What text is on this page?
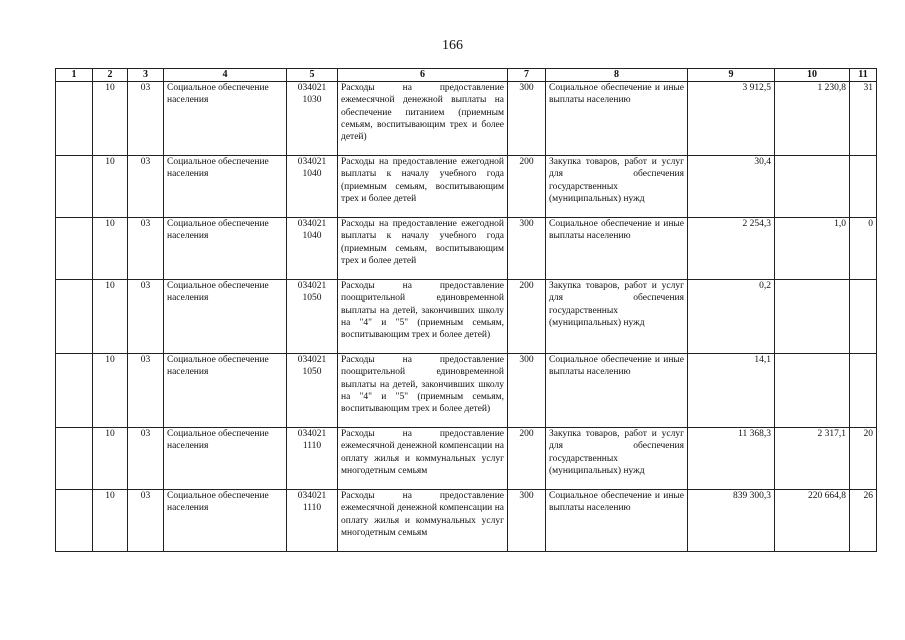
166
1	2	3	4	5	6	7	8	9	10	11
	10	03	Социальное обеспечение населения	034021 1030	Расходы на предоставление ежемесячной денежной выплаты на обеспечение питанием (приемным семьям, воспитывающим трех и более детей)	300	Социальное обеспечение и иные выплаты населению	3 912,5	1 230,8	31
	10	03	Социальное обеспечение населения	034021 1040	Расходы на предоставление ежегодной выплаты к началу учебного года (приемным семьям, воспитывающим трех и более детей	200	Закупка товаров, работ и услуг для обеспечения государственных (муниципальных) нужд	30,4		
	10	03	Социальное обеспечение населения	034021 1040	Расходы на предоставление ежегодной выплаты к началу учебного года (приемным семьям, воспитывающим трех и более детей	300	Социальное обеспечение и иные выплаты населению	2 254,3	1,0	0
	10	03	Социальное обеспечение населения	034021 1050	Расходы на предоставление поощрительной единовременной выплаты на детей, закончивших школу на "4" и "5" (приемным семьям, воспитывающим трех и более детей)	200	Закупка товаров, работ и услуг для обеспечения государственных (муниципальных) нужд	0,2		
	10	03	Социальное обеспечение населения	034021 1050	Расходы на предоставление поощрительной единовременной выплаты на детей, закончивших школу на "4" и "5" (приемным семьям, воспитывающим трех и более детей)	300	Социальное обеспечение и иные выплаты населению	14,1		
	10	03	Социальное обеспечение населения	034021 1110	Расходы на предоставление ежемесячной денежной компенсации на оплату жилья и коммунальных услуг многодетным семьям	200	Закупка товаров, работ и услуг для обеспечения государственных (муниципальных) нужд	11 368,3	2 317,1	20
	10	03	Социальное обеспечение населения	034021 1110	Расходы на предоставление ежемесячной денежной компенсации на оплату жилья и коммунальных услуг многодетным семьям	300	Социальное обеспечение и иные выплаты населению	839 300,3	220 664,8	26
